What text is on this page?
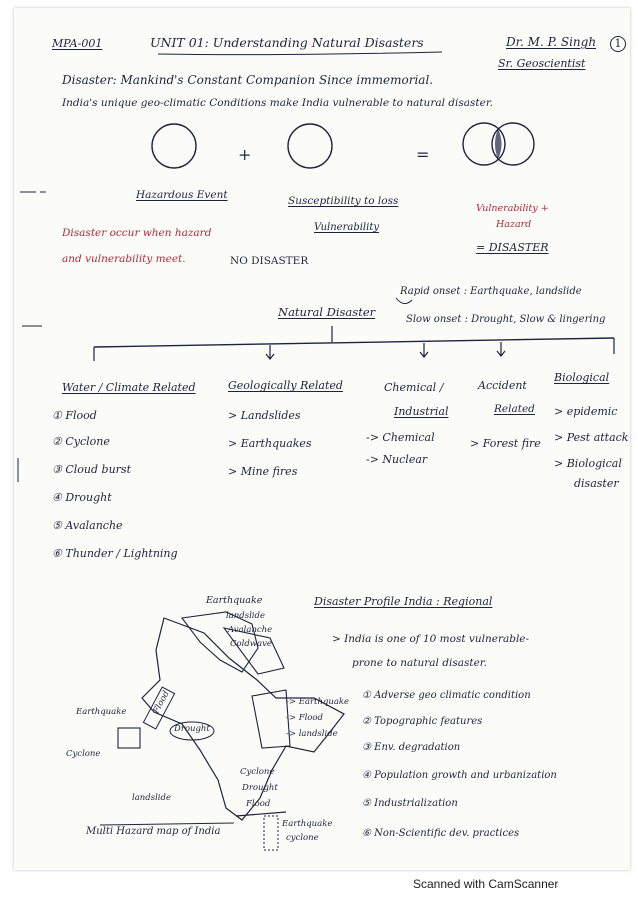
MPA-001	UNIT 01: Understanding Natural Disasters	Dr. M. P. Singh	1
Sr. Geoscientist
Disaster: Mankind's Constant Companion Since immemorial.
India's unique geo-climatic Conditions make India vulnerable to natural disaster.
+	=
Hazardous Event	Susceptibility to loss
Vulnerability
Vulnerability +
Hazard
= DISASTER
Disaster occur when hazard
and vulnerability meet.	NO DISASTER
Natural Disaster
Rapid onset : Earthquake, landslide
Slow onset : Drought, Slow & lingering
Water / Climate Related
① Flood
② Cyclone
③ Cloud burst
④ Drought
⑤ Avalanche
⑥ Thunder / Lightning
Geologically Related
> Landslides
> Earthquakes
> Mine fires
Chemical /
Industrial
-> Chemical
-> Nuclear
Accident
Related
> Forest fire
Biological
> epidemic
> Pest attack
> Biological
disaster
Earthquake
landslide
Avalanche
Coldwave
Earthquake
Cyclone
Drought
Flood
landslide
-> Earthquake
-> Flood
-> landslide
Cyclone
Drought
Flood
Earthquake
cyclone
Multi Hazard map of India
Disaster Profile India : Regional
> India is one of 10 most vulnerable-
prone to natural disaster.
① Adverse geo climatic condition
② Topographic features
③ Env. degradation
④ Population growth and urbanization
⑤ Industrialization
⑥ Non-Scientific dev. practices
Scanned with CamScanner
